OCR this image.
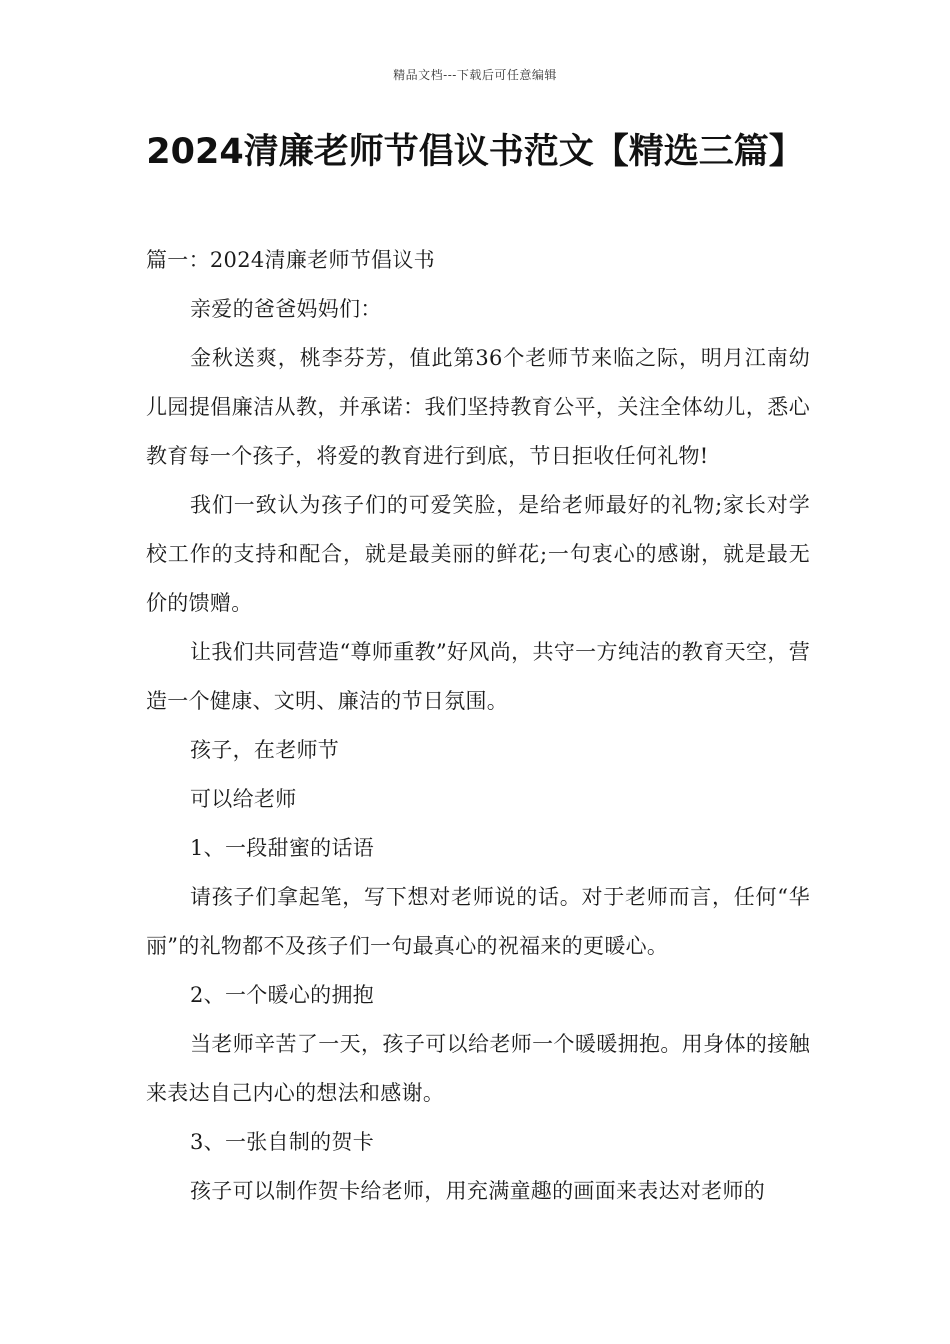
精品文档---下载后可任意编辑
2024清廉老师节倡议书范文【精选三篇】

篇一：2024清廉老师节倡议书

亲爱的爸爸妈妈们：

金秋送爽，桃李芬芳，值此第36个老师节来临之际，明月江南幼儿园提倡廉洁从教，并承诺：我们坚持教育公平，关注全体幼儿，悉心教育每一个孩子，将爱的教育进行到底，节日拒收任何礼物!

我们一致认为孩子们的可爱笑脸，是给老师最好的礼物;家长对学校工作的支持和配合，就是最美丽的鲜花;一句衷心的感谢，就是最无价的馈赠。

让我们共同营造“尊师重教”好风尚，共守一方纯洁的教育天空，营造一个健康、文明、廉洁的节日氛围。

孩子，在老师节

可以给老师

1、一段甜蜜的话语

请孩子们拿起笔，写下想对老师说的话。对于老师而言，任何“华丽”的礼物都不及孩子们一句最真心的祝福来的更暖心。

2、一个暖心的拥抱

当老师辛苦了一天，孩子可以给老师一个暖暖拥抱。用身体的接触来表达自己内心的想法和感谢。

3、一张自制的贺卡

孩子可以制作贺卡给老师，用充满童趣的画面来表达对老师的
